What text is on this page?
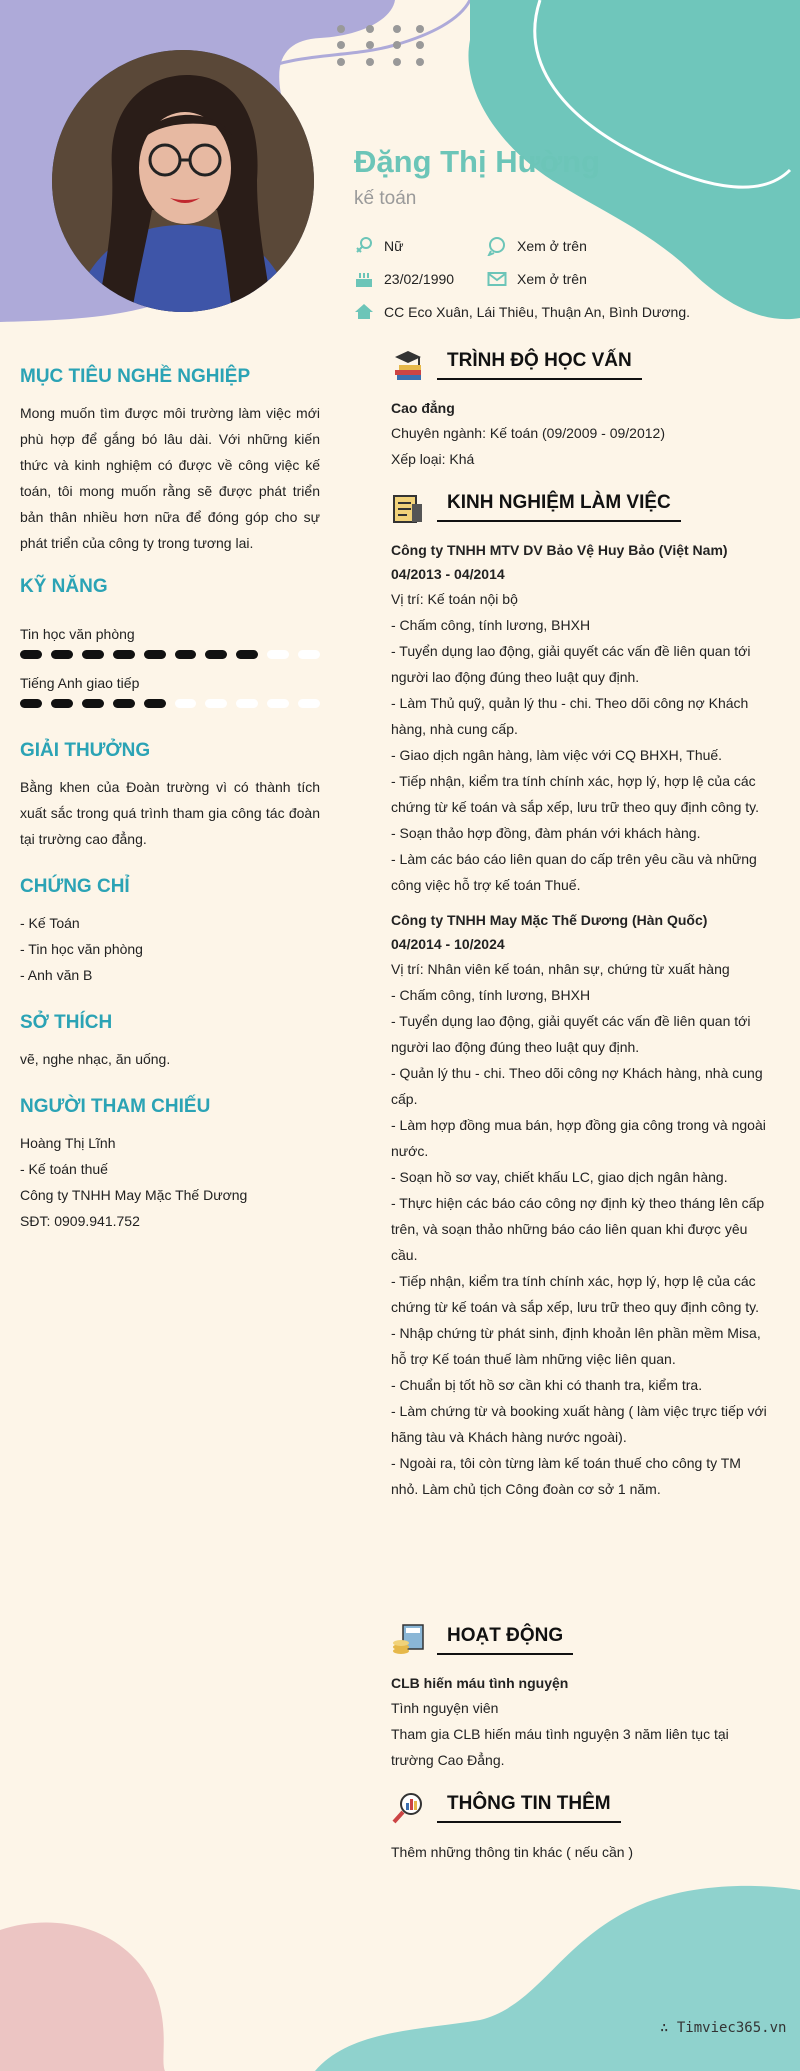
Đặng Thị Hường
kế toán
Nữ	Xem ở trên
23/02/1990	Xem ở trên
CC Eco Xuân, Lái Thiêu, Thuận An, Bình Dương.
MỤC TIÊU NGHỀ NGHIỆP

Mong muốn tìm được môi trường làm việc mới phù hợp để gắng bó lâu dài. Với những kiến thức và kinh nghiệm có được về công việc kế toán, tôi mong muốn rằng sẽ được phát triển bản thân nhiều hơn nữa để đóng góp cho sự phát triển của công ty trong tương lai.

KỸ NĂNG
Tin học văn phòng
Tiếng Anh giao tiếp
GIẢI THƯỞNG

Bằng khen của Đoàn trường vì có thành tích xuất sắc trong quá trình tham gia công tác đoàn tại trường cao đẳng.

CHỨNG CHỈ

- Kế Toán

- Tin học văn phòng

- Anh văn B

SỞ THÍCH

vẽ, nghe nhạc, ăn uống.

NGƯỜI THAM CHIẾU

Hoàng Thị Lĩnh

- Kế toán thuế

Công ty TNHH May Mặc Thế Dương

SĐT: 0909.941.752

TRÌNH ĐỘ HỌC VẤN

Cao đẳng

Chuyên ngành: Kế toán (09/2009 - 09/2012)

Xếp loại: Khá

KINH NGHIỆM LÀM VIỆC

Công ty TNHH MTV DV Bảo Vệ Huy Bảo (Việt Nam)

04/2013 - 04/2014

Vị trí: Kế toán nội bộ

- Chấm công, tính lương, BHXH

- Tuyển dụng lao động, giải quyết các vấn đề liên quan tới người lao động đúng theo luật quy định.

- Làm Thủ quỹ, quản lý thu - chi. Theo dõi công nợ Khách hàng, nhà cung cấp.

- Giao dịch ngân hàng, làm việc với CQ BHXH, Thuế.

- Tiếp nhận, kiểm tra tính chính xác, hợp lý, hợp lệ của các chứng từ kế toán và sắp xếp, lưu trữ theo quy định công ty.

- Soạn thảo hợp đồng, đàm phán với khách hàng.

- Làm các báo cáo liên quan do cấp trên yêu cầu và những công việc hỗ trợ kế toán Thuế.

Công ty TNHH May Mặc Thế Dương (Hàn Quốc)

04/2014 - 10/2024

Vị trí: Nhân viên kế toán, nhân sự, chứng từ xuất hàng

- Chấm công, tính lương, BHXH

- Tuyển dụng lao động, giải quyết các vấn đề liên quan tới người lao động đúng theo luật quy định.

- Quản lý thu - chi. Theo dõi công nợ Khách hàng, nhà cung cấp.

- Làm hợp đồng mua bán, hợp đồng gia công trong và ngoài nước.

- Soạn hồ sơ vay, chiết khấu LC, giao dịch ngân hàng.

- Thực hiện các báo cáo công nợ định kỳ theo tháng lên cấp trên, và soạn thảo những báo cáo liên quan khi được yêu cầu.

- Tiếp nhận, kiểm tra tính chính xác, hợp lý, hợp lệ của các chứng từ kế toán và sắp xếp, lưu trữ theo quy định công ty.

- Nhập chứng từ phát sinh, định khoản lên phần mềm Misa, hỗ trợ Kế toán thuế làm những việc liên quan.

- Chuẩn bị tốt hồ sơ cần khi có thanh tra, kiểm tra.

- Làm chứng từ và booking xuất hàng ( làm việc trực tiếp với hãng tàu và Khách hàng nước ngoài).

- Ngoài ra, tôi còn từng làm kế toán thuế cho công ty TM nhỏ. Làm chủ tịch Công đoàn cơ sở 1 năm.

HOẠT ĐỘNG

CLB hiến máu tình nguyện

Tình nguyện viên

Tham gia CLB hiến máu tình nguyện 3 năm liên tục tại trường Cao Đẳng.

THÔNG TIN THÊM

Thêm những thông tin khác ( nếu cần )

∴ Timviec365.vn
